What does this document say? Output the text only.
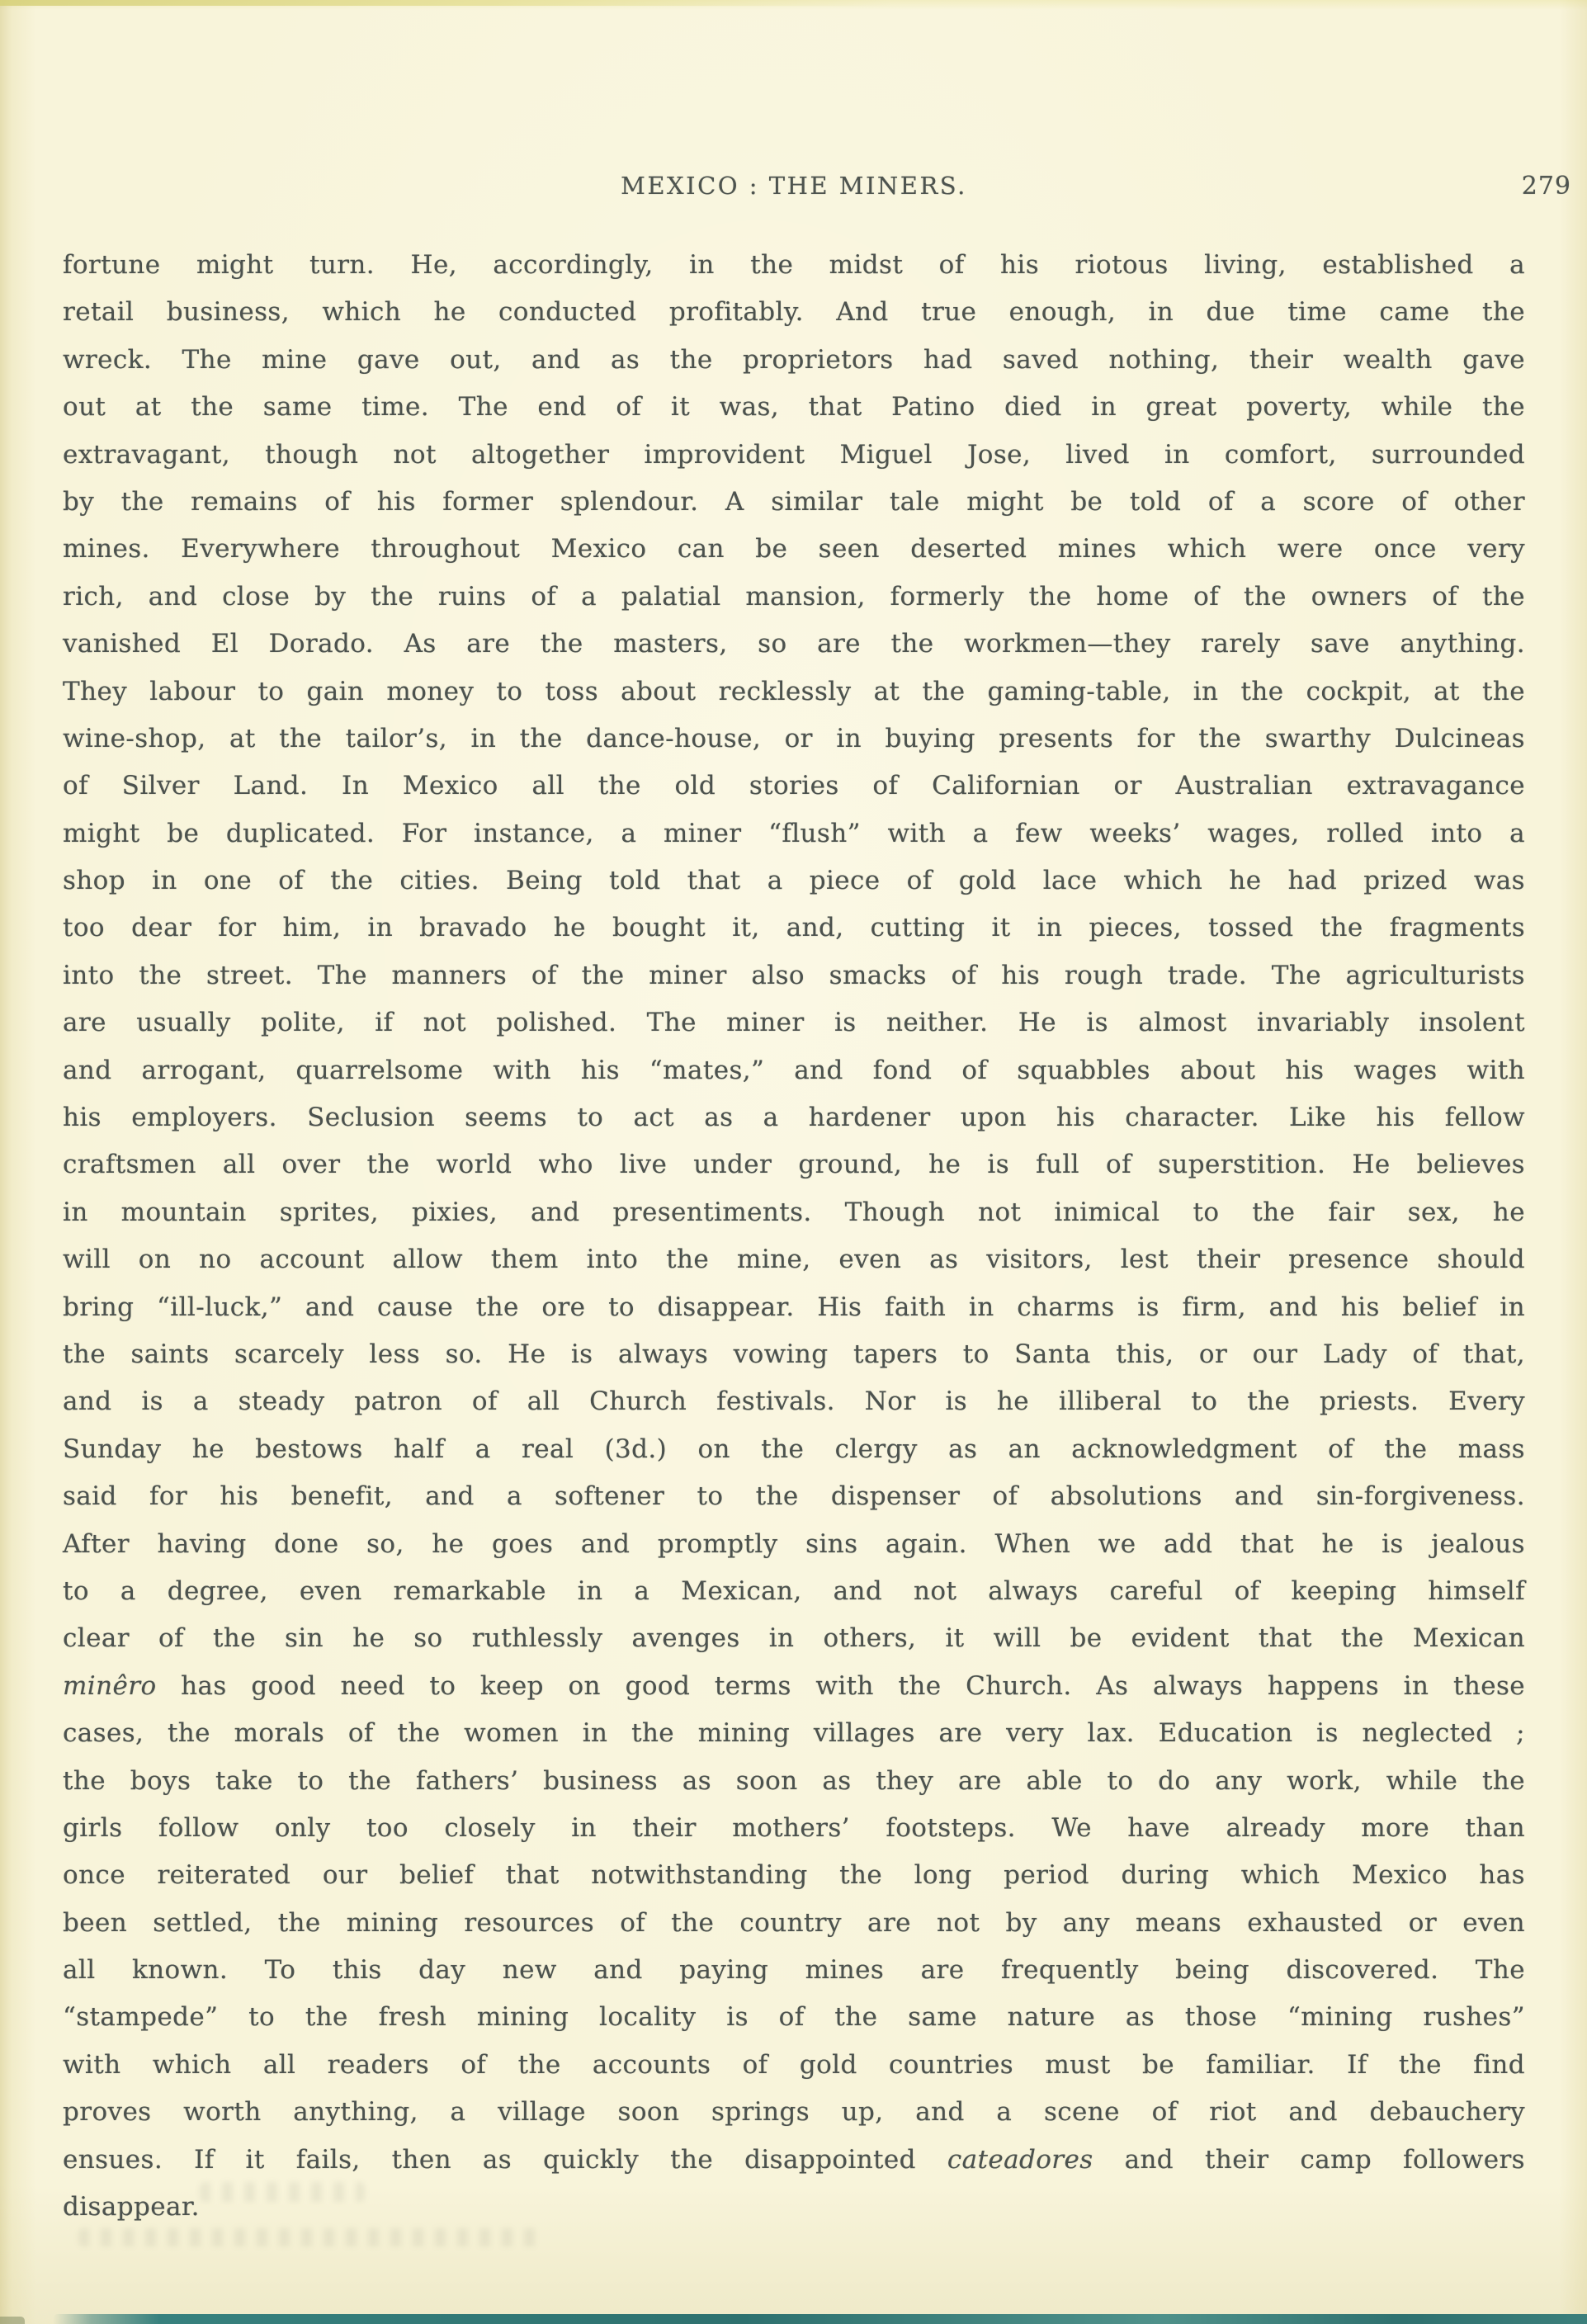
MEXICO : THE MINERS.	279
fortune might turn. He, accordingly, in the midst of his riotous living, established a
retail business, which he conducted profitably. And true enough, in due time came the
wreck. The mine gave out, and as the proprietors had saved nothing, their wealth gave
out at the same time. The end of it was, that Patino died in great poverty, while the
extravagant, though not altogether improvident Miguel Jose, lived in comfort, surrounded
by the remains of his former splendour. A similar tale might be told of a score of other
mines. Everywhere throughout Mexico can be seen deserted mines which were once very
rich, and close by the ruins of a palatial mansion, formerly the home of the owners of the
vanished El Dorado. As are the masters, so are the workmen—they rarely save anything.
They labour to gain money to toss about recklessly at the gaming-table, in the cockpit, at the
wine-shop, at the tailor’s, in the dance-house, or in buying presents for the swarthy Dulcineas
of Silver Land. In Mexico all the old stories of Californian or Australian extravagance
might be duplicated. For instance, a miner “flush” with a few weeks’ wages, rolled into a
shop in one of the cities. Being told that a piece of gold lace which he had prized was
too dear for him, in bravado he bought it, and, cutting it in pieces, tossed the fragments
into the street. The manners of the miner also smacks of his rough trade. The agriculturists
are usually polite, if not polished. The miner is neither. He is almost invariably insolent
and arrogant, quarrelsome with his “mates,” and fond of squabbles about his wages with
his employers. Seclusion seems to act as a hardener upon his character. Like his fellow
craftsmen all over the world who live under ground, he is full of superstition. He believes
in mountain sprites, pixies, and presentiments. Though not inimical to the fair sex, he
will on no account allow them into the mine, even as visitors, lest their presence should
bring “ill-luck,” and cause the ore to disappear. His faith in charms is firm, and his belief in
the saints scarcely less so. He is always vowing tapers to Santa this, or our Lady of that,
and is a steady patron of all Church festivals. Nor is he illiberal to the priests. Every
Sunday he bestows half a real (3d.) on the clergy as an acknowledgment of the mass
said for his benefit, and a softener to the dispenser of absolutions and sin-forgiveness.
After having done so, he goes and promptly sins again. When we add that he is jealous
to a degree, even remarkable in a Mexican, and not always careful of keeping himself
clear of the sin he so ruthlessly avenges in others, it will be evident that the Mexican
minêro has good need to keep on good terms with the Church. As always happens in these
cases, the morals of the women in the mining villages are very lax. Education is neglected ;
the boys take to the fathers’ business as soon as they are able to do any work, while the
girls follow only too closely in their mothers’ footsteps. We have already more than
once reiterated our belief that notwithstanding the long period during which Mexico has
been settled, the mining resources of the country are not by any means exhausted or even
all known. To this day new and paying mines are frequently being discovered. The
“stampede” to the fresh mining locality is of the same nature as those “mining rushes”
with which all readers of the accounts of gold countries must be familiar. If the find
proves worth anything, a village soon springs up, and a scene of riot and debauchery
ensues. If it fails, then as quickly the disappointed cateadores and their camp followers
disappear.
